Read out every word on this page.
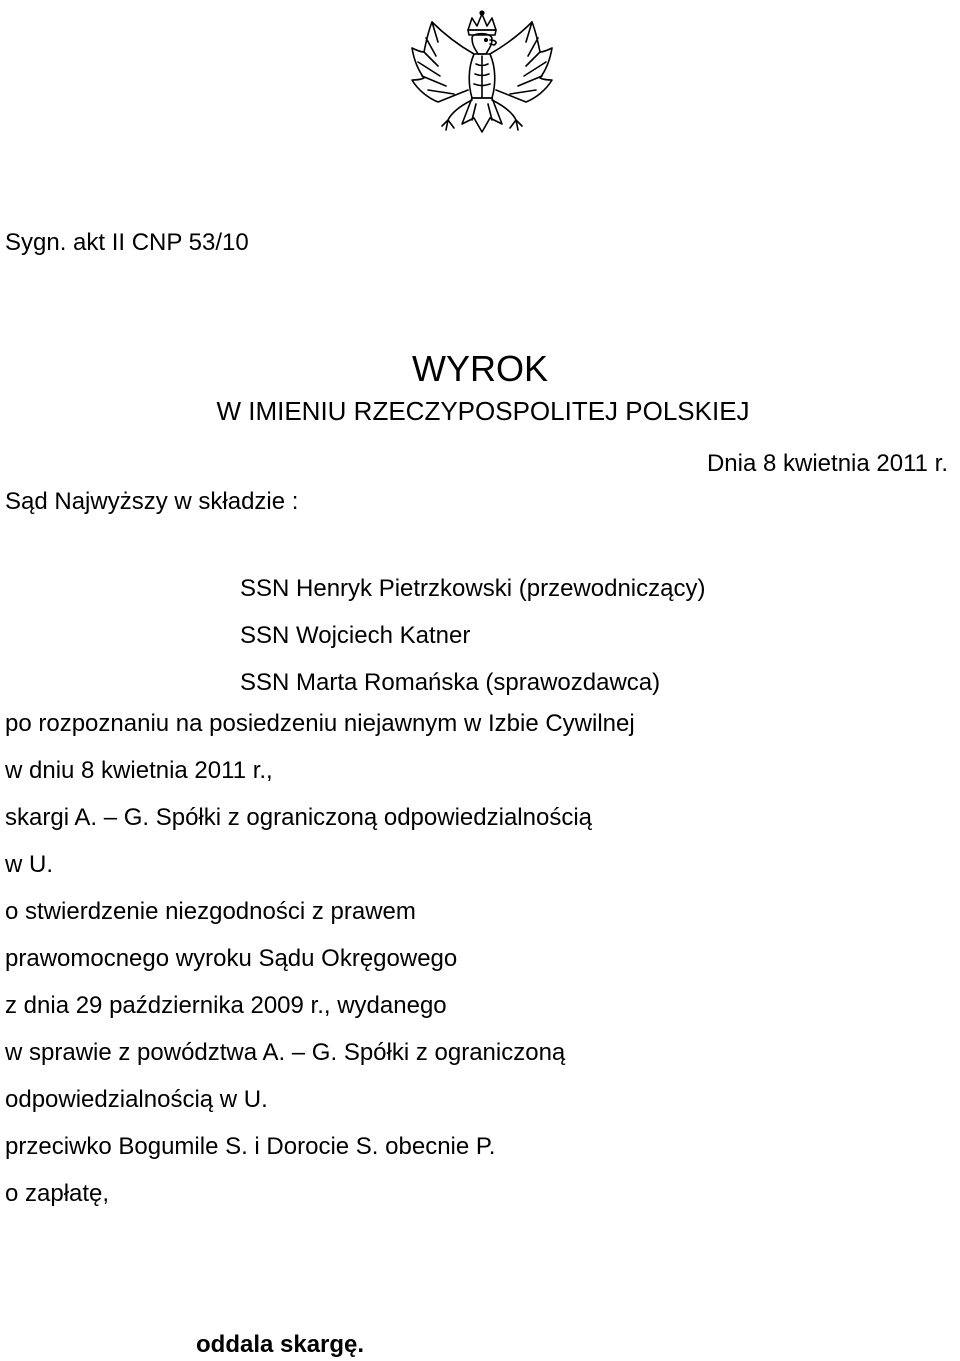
Sygn. akt II CNP 53/10
WYROK
W IMIENIU RZECZYPOSPOLITEJ POLSKIEJ
Dnia 8 kwietnia 2011 r.
Sąd Najwyższy w składzie :
SSN Henryk Pietrzkowski (przewodniczący)
SSN Wojciech Katner
SSN Marta Romańska (sprawozdawca)
po rozpoznaniu na posiedzeniu niejawnym w Izbie Cywilnej
w dniu 8 kwietnia 2011 r.,
skargi A. – G. Spółki z ograniczoną odpowiedzialnością
w U.
o stwierdzenie niezgodności z prawem
prawomocnego wyroku Sądu Okręgowego
z dnia 29 października 2009 r., wydanego
w sprawie z powództwa A. – G. Spółki z ograniczoną
odpowiedzialnością w U.
przeciwko Bogumile S. i Dorocie S. obecnie P.
o zapłatę,
oddala skargę.
